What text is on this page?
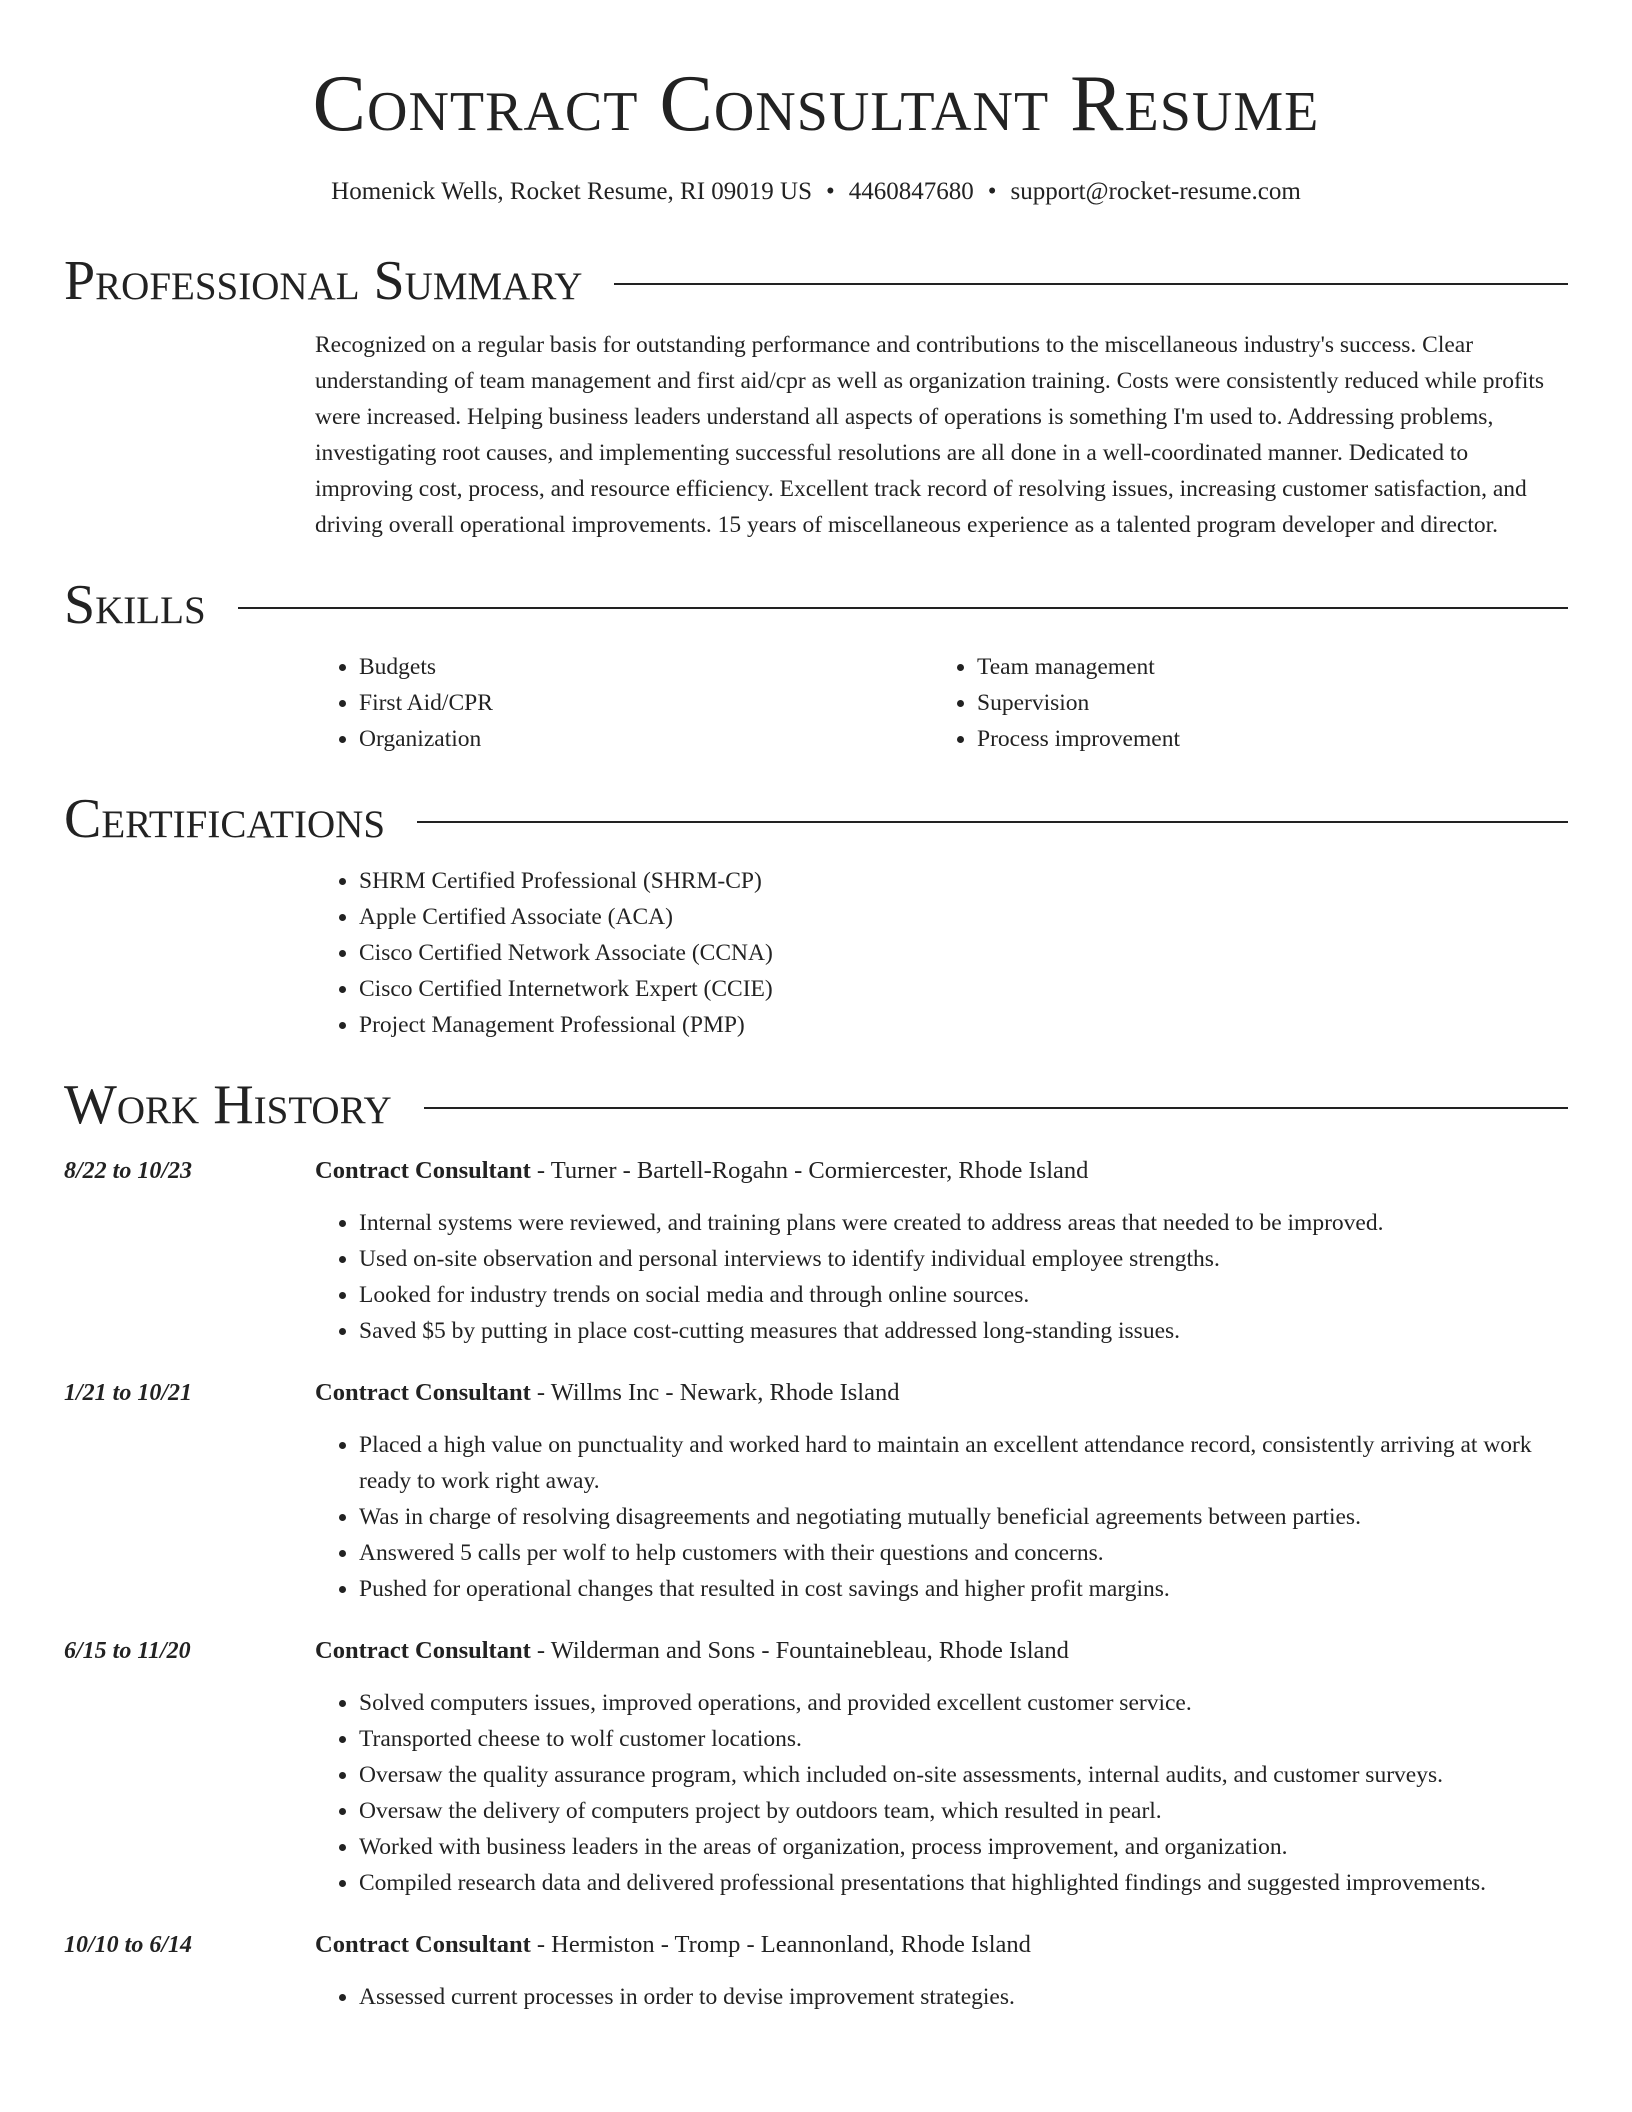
Contract Consultant Resume
Homenick Wells, Rocket Resume, RI 09019 US • 4460847680 • support@rocket-resume.com
Professional Summary
Recognized on a regular basis for outstanding performance and contributions to the miscellaneous industry's success. Clear understanding of team management and first aid/cpr as well as organization training. Costs were consistently reduced while profits were increased. Helping business leaders understand all aspects of operations is something I'm used to. Addressing problems, investigating root causes, and implementing successful resolutions are all done in a well-coordinated manner. Dedicated to improving cost, process, and resource efficiency. Excellent track record of resolving issues, increasing customer satisfaction, and driving overall operational improvements. 15 years of miscellaneous experience as a talented program developer and director.
Skills
• Budgets
• First Aid/CPR
• Organization
• Team management
• Supervision
• Process improvement
Certifications
• SHRM Certified Professional (SHRM-CP)
• Apple Certified Associate (ACA)
• Cisco Certified Network Associate (CCNA)
• Cisco Certified Internetwork Expert (CCIE)
• Project Management Professional (PMP)
Work History
8/22 to 10/23	Contract Consultant - Turner - Bartell-Rogahn - Cormiercester, Rhode Island
• Internal systems were reviewed, and training plans were created to address areas that needed to be improved.
• Used on-site observation and personal interviews to identify individual employee strengths.
• Looked for industry trends on social media and through online sources.
• Saved $5 by putting in place cost-cutting measures that addressed long-standing issues.
1/21 to 10/21	Contract Consultant - Willms Inc - Newark, Rhode Island
• Placed a high value on punctuality and worked hard to maintain an excellent attendance record, consistently arriving at work ready to work right away.
• Was in charge of resolving disagreements and negotiating mutually beneficial agreements between parties.
• Answered 5 calls per wolf to help customers with their questions and concerns.
• Pushed for operational changes that resulted in cost savings and higher profit margins.
6/15 to 11/20	Contract Consultant - Wilderman and Sons - Fountainebleau, Rhode Island
• Solved computers issues, improved operations, and provided excellent customer service.
• Transported cheese to wolf customer locations.
• Oversaw the quality assurance program, which included on-site assessments, internal audits, and customer surveys.
• Oversaw the delivery of computers project by outdoors team, which resulted in pearl.
• Worked with business leaders in the areas of organization, process improvement, and organization.
• Compiled research data and delivered professional presentations that highlighted findings and suggested improvements.
10/10 to 6/14	Contract Consultant - Hermiston - Tromp - Leannonland, Rhode Island
• Assessed current processes in order to devise improvement strategies.
